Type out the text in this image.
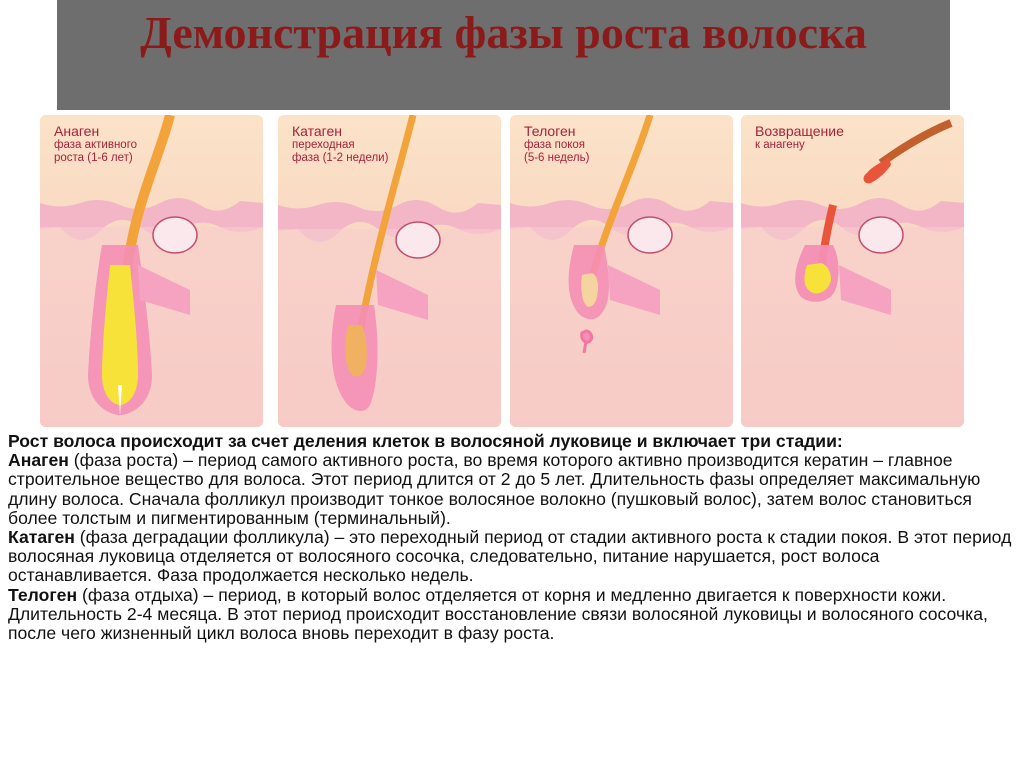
Демонстрация фазы роста волоска
Анаген
фаза активного
роста (1-6 лет)
Катаген
переходная
фаза (1-2 недели)
Телоген
фаза покоя
(5-6 недель)
Возвращение
к анагену

Рост волоса происходит за счет деления клеток в волосяной луковице и включает три стадии:

Анаген (фаза роста) – период самого активного роста, во время которого активно производится кератин – главное строительное вещество для волоса. Этот период длится от 2 до 5 лет. Длительность фазы определяет максимальную длину волоса. Сначала фолликул производит тонкое волосяное волокно (пушковый волос), затем волос становиться более толстым и пигментированным (терминальный).

Катаген (фаза деградации фолликула) – это переходный период от стадии активного роста к стадии покоя. В этот период волосяная луковица отделяется от волосяного сосочка, следовательно, питание нарушается, рост волоса останавливается. Фаза продолжается несколько недель.

Телоген (фаза отдыха) – период, в который волос отделяется от корня и медленно двигается к поверхности кожи. Длительность 2-4 месяца. В этот период происходит восстановление связи волосяной луковицы и волосяного сосочка, после чего жизненный цикл волоса вновь переходит в фазу роста.
